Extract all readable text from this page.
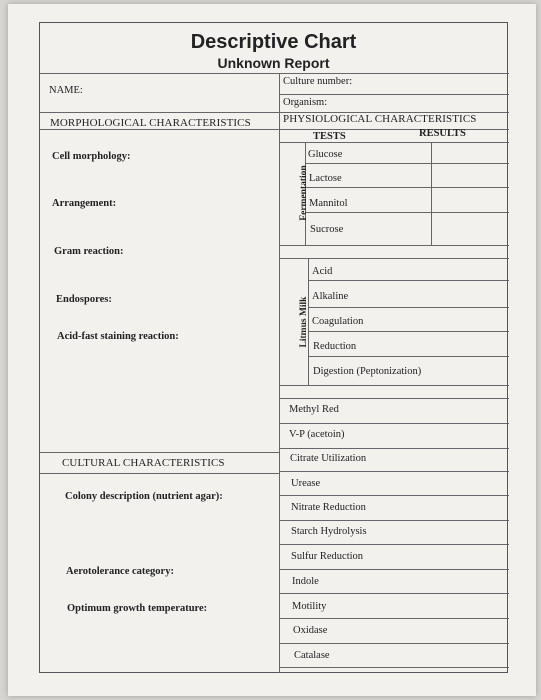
Descriptive Chart
Unknown Report
NAME:
Culture number:
Organism:
MORPHOLOGICAL CHARACTERISTICS	PHYSIOLOGICAL CHARACTERISTICS
TESTS	RESULTS
Cell morphology:
Arrangement:
Gram reaction:
Endospores:
Acid-fast staining reaction:
CULTURAL CHARACTERISTICS
Colony description (nutrient agar):
Aerotolerance category:
Optimum growth temperature:
Fermentation
Glucose
Lactose
Mannitol
Sucrose
Litmus Milk
Acid
Alkaline
Coagulation
Reduction
Digestion (Peptonization)
Methyl Red
V-P (acetoin)
Citrate Utilization
Urease
Nitrate Reduction
Starch Hydrolysis
Sulfur Reduction
Indole
Motility
Oxidase
Catalase
